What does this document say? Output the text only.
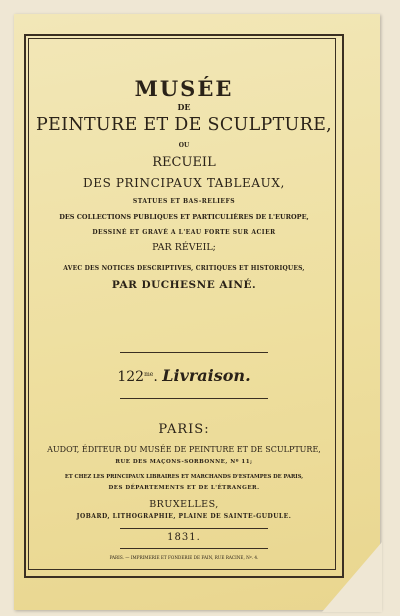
MUSÉE
DE
PEINTURE ET DE SCULPTURE,
OU
RECUEIL
DES PRINCIPAUX TABLEAUX,
STATUES ET BAS-RELIEFS
DES COLLECTIONS PUBLIQUES ET PARTICULIÈRES DE L'EUROPE,
DESSINÉ ET GRAVÉ A L'EAU FORTE SUR ACIER
PAR RÉVEIL;
AVEC DES NOTICES DESCRIPTIVES, CRITIQUES ET HISTORIQUES,
PAR DUCHESNE AINÉ.
$122^{me}$. Livraison.
PARIS:
AUDOT, ÉDITEUR DU MUSÉE DE PEINTURE ET DE SCULPTURE,
RUE DES MAÇONS-SORBONNE, Nº 11;
ET CHEZ LES PRINCIPAUX LIBRAIRES ET MARCHANDS D'ESTAMPES DE PARIS,
DES DÉPARTEMENTS ET DE L'ÉTRANGER.
BRUXELLES,
JOBARD, LITHOGRAPHIE, PLAINE DE SAINTE-GUDULE.
1831.
PARIS. — IMPRIMERIE ET FONDERIE DE FAIN, RUE RACINE, Nº. 4.
